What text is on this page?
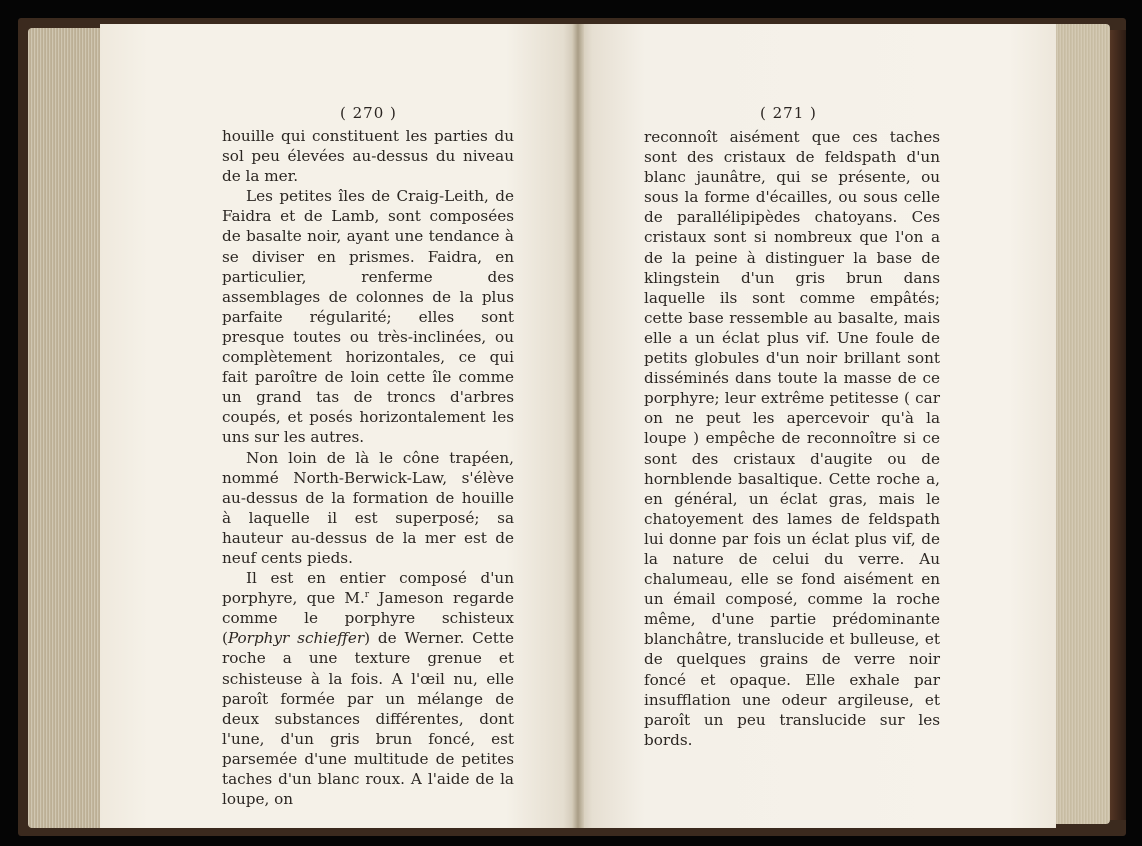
( 270 )	( 271 )

houille qui constituent les parties du sol peu élevées au-dessus du niveau de la mer.

Les petites îles de Craig-Leith, de Faidra et de Lamb, sont composées de basalte noir, ayant une tendance à se diviser en prismes. Faidra, en particulier, renferme des assemblages de colonnes de la plus parfaite régularité; elles sont presque toutes ou très-inclinées, ou complètement horizontales, ce qui fait paroître de loin cette île comme un grand tas de troncs d'arbres coupés, et posés horizontalement les uns sur les autres.

Non loin de là le cône trapéen, nommé North-Berwick-Law, s'élève au-dessus de la formation de houille à laquelle il est superposé; sa hauteur au-dessus de la mer est de neuf cents pieds.

Il est en entier composé d'un porphyre, que M.$^r$ Jameson regarde comme le porphyre schisteux (Porphyr schieffer) de Werner. Cette roche a une texture grenue et schisteuse à la fois. A l'œil nu, elle paroît formée par un mélange de deux substances différentes, dont l'une, d'un gris brun foncé, est parsemée d'une multitude de petites taches d'un blanc roux. A l'aide de la loupe, on

reconnoît aisément que ces taches sont des cristaux de feldspath d'un blanc jaunâtre, qui se présente, ou sous la forme d'écailles, ou sous celle de parallélipipèdes chatoyans. Ces cristaux sont si nombreux que l'on a de la peine à distinguer la base de klingstein d'un gris brun dans laquelle ils sont comme empâtés; cette base ressemble au basalte, mais elle a un éclat plus vif. Une foule de petits globules d'un noir brillant sont disséminés dans toute la masse de ce porphyre; leur extrême petitesse ( car on ne peut les apercevoir qu'à la loupe ) empêche de reconnoître si ce sont des cristaux d'augite ou de hornblende basaltique. Cette roche a, en général, un éclat gras, mais le chatoyement des lames de feldspath lui donne par fois un éclat plus vif, de la nature de celui du verre. Au chalumeau, elle se fond aisément en un émail composé, comme la roche même, d'une partie prédominante blanchâtre, translucide et bulleuse, et de quelques grains de verre noir foncé et opaque. Elle exhale par insufflation une odeur argileuse, et paroît un peu translucide sur les bords.
